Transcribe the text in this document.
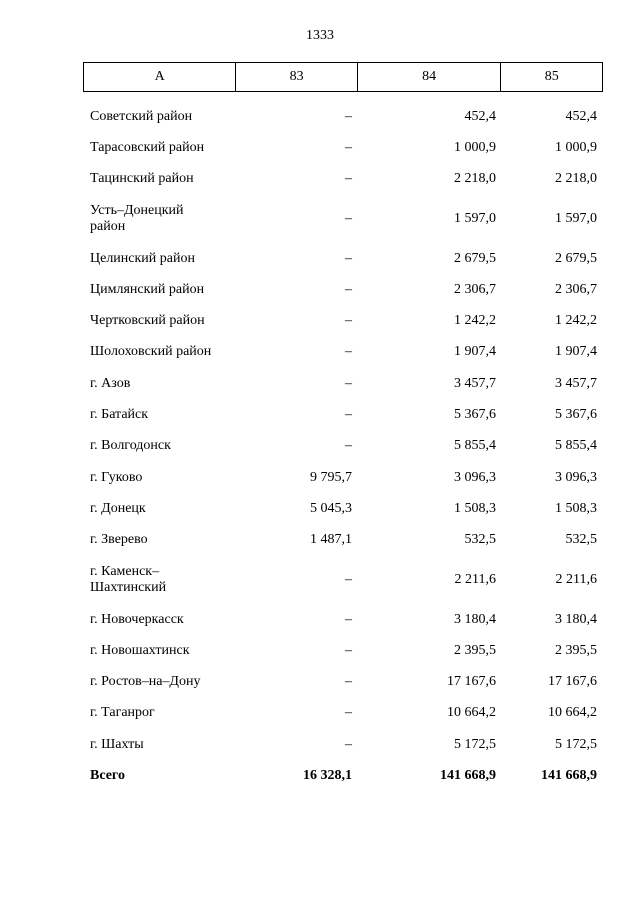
1333
А	83	84	85
Советский район	–	452,4	452,4
Тарасовский район	–	1 000,9	1 000,9
Тацинский район	–	2 218,0	2 218,0
Усть–Донецкий
район
–	1 597,0	1 597,0
Целинский район	–	2 679,5	2 679,5
Цимлянский район	–	2 306,7	2 306,7
Чертковский район	–	1 242,2	1 242,2
Шолоховский район	–	1 907,4	1 907,4
г. Азов	–	3 457,7	3 457,7
г. Батайск	–	5 367,6	5 367,6
г. Волгодонск	–	5 855,4	5 855,4
г. Гуково	9 795,7	3 096,3	3 096,3
г. Донецк	5 045,3	1 508,3	1 508,3
г. Зверево	1 487,1	532,5	532,5
г. Каменск–
Шахтинский
–	2 211,6	2 211,6
г. Новочеркасск	–	3 180,4	3 180,4
г. Новошахтинск	–	2 395,5	2 395,5
г. Ростов–на–Дону	–	17 167,6	17 167,6
г. Таганрог	–	10 664,2	10 664,2
г. Шахты	–	5 172,5	5 172,5
Всего	16 328,1	141 668,9	141 668,9
